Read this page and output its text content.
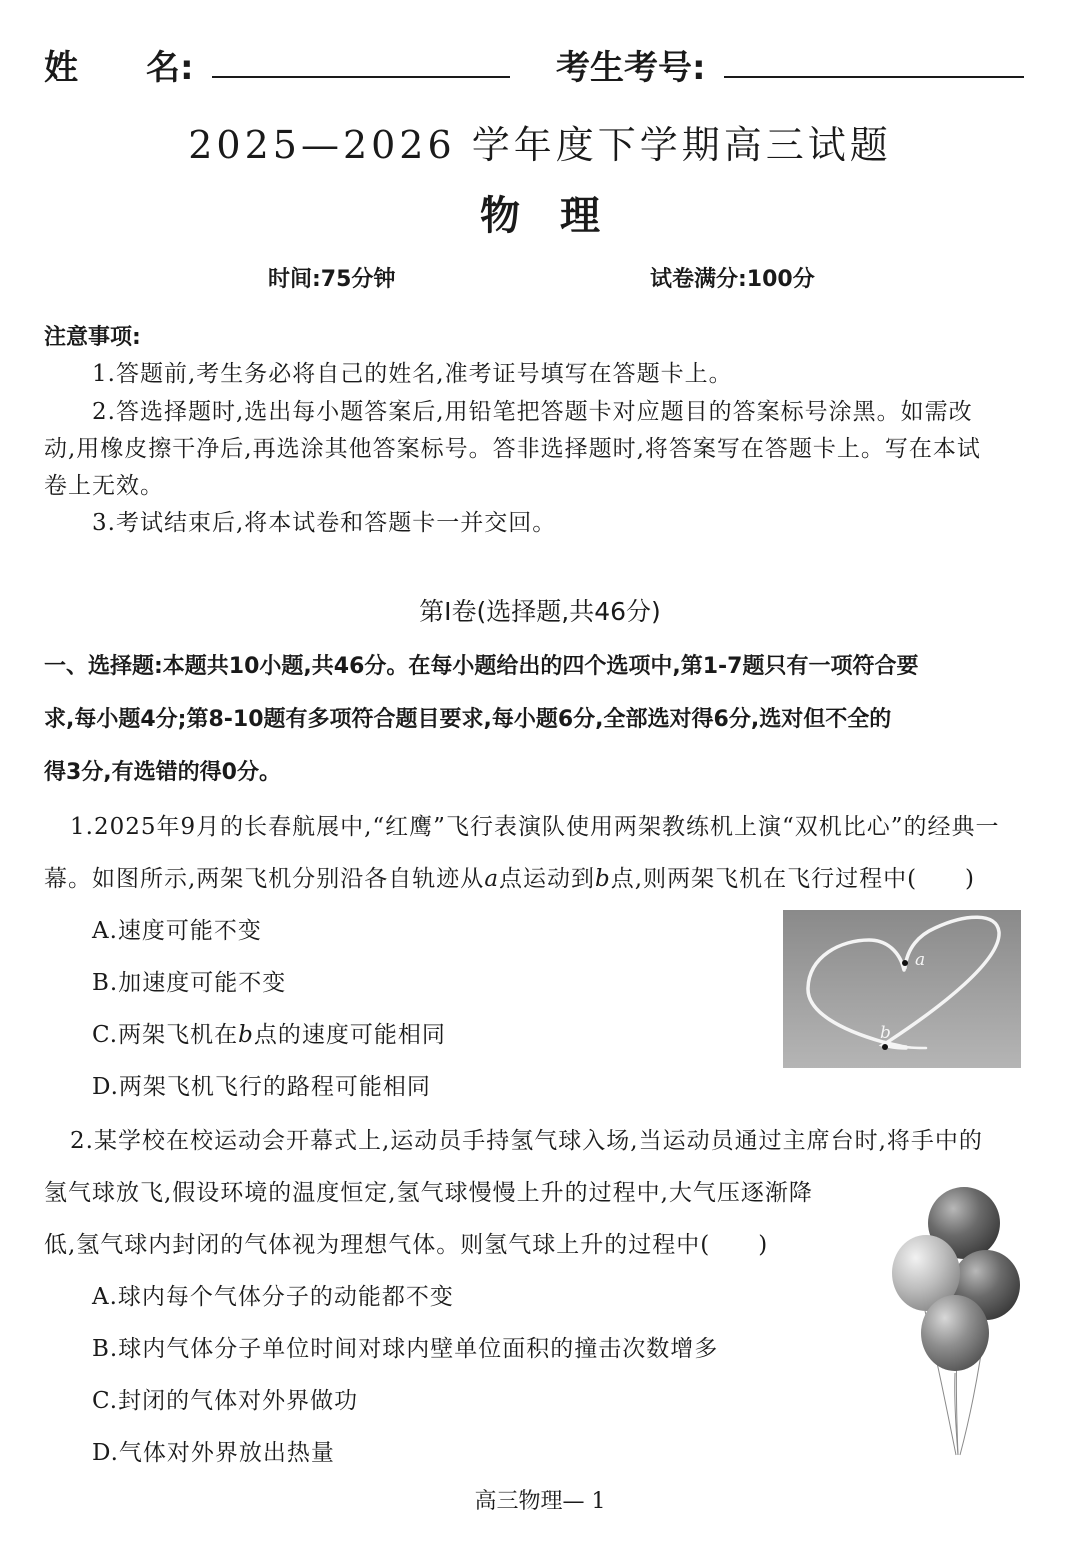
姓　　名:	考生考号:
2025—2026 学年度下学期高三试题
物　理
时间:75分钟	试卷满分:100分
注意事项:
1.答题前,考生务必将自己的姓名,准考证号填写在答题卡上。
2.答选择题时,选出每小题答案后,用铅笔把答题卡对应题目的答案标号涂黑。如需改
动,用橡皮擦干净后,再选涂其他答案标号。答非选择题时,将答案写在答题卡上。写在本试
卷上无效。
3.考试结束后,将本试卷和答题卡一并交回。
第Ⅰ卷(选择题,共46分)
一、选择题:本题共10小题,共46分。在每小题给出的四个选项中,第1-7题只有一项符合要
求,每小题4分;第8-10题有多项符合题目要求,每小题6分,全部选对得6分,选对但不全的
得3分,有选错的得0分。
1.2025年9月的长春航展中,“红鹰”飞行表演队使用两架教练机上演“双机比心”的经典一
幕。如图所示,两架飞机分别沿各自轨迹从a点运动到b点,则两架飞机在飞行过程中(　　)
A.速度可能不变
B.加速度可能不变
C.两架飞机在b点的速度可能相同
D.两架飞机飞行的路程可能相同
a
b
2.某学校在校运动会开幕式上,运动员手持氢气球入场,当运动员通过主席台时,将手中的
氢气球放飞,假设环境的温度恒定,氢气球慢慢上升的过程中,大气压逐渐降
低,氢气球内封闭的气体视为理想气体。则氢气球上升的过程中(　　)
A.球内每个气体分子的动能都不变
B.球内气体分子单位时间对球内壁单位面积的撞击次数增多
C.封闭的气体对外界做功
D.气体对外界放出热量
高三物理— 1
